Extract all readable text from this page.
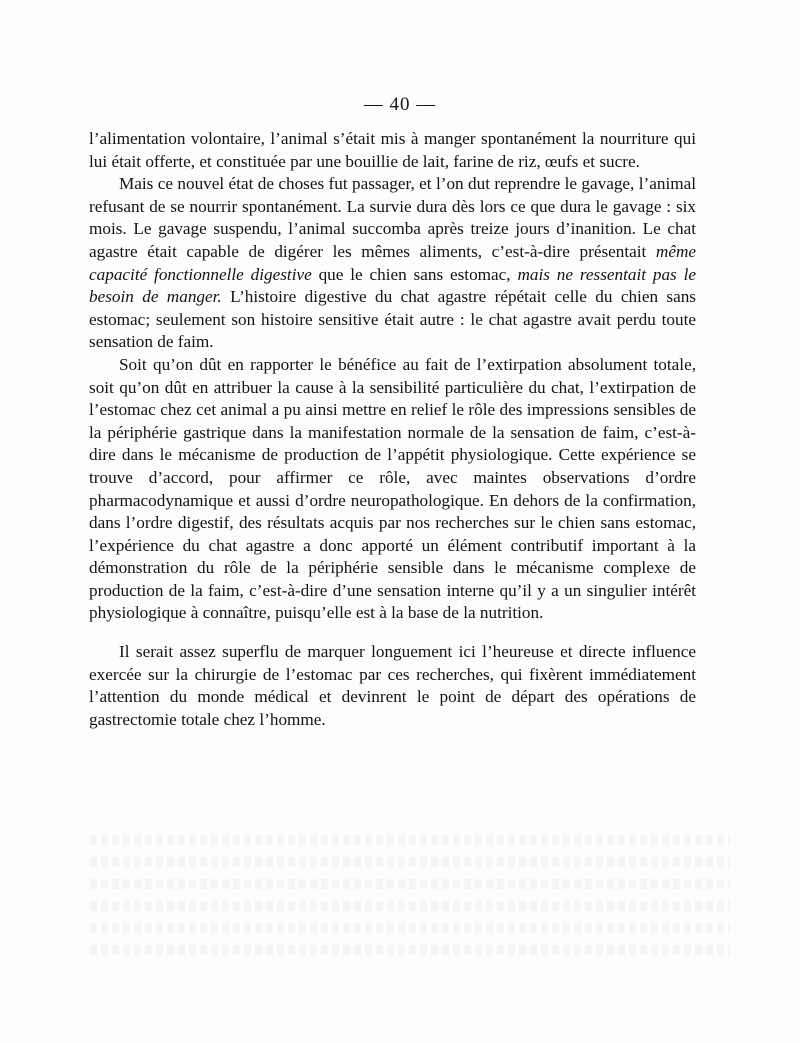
— 40 —

l’alimentation volontaire, l’animal s’était mis à manger spontanément la nourriture qui lui était offerte, et constituée par une bouillie de lait, farine de riz, œufs et sucre.

Mais ce nouvel état de choses fut passager, et l’on dut reprendre le gavage, l’animal refusant de se nourrir spontanément. La survie dura dès lors ce que dura le gavage : six mois. Le gavage suspendu, l’animal succomba après treize jours d’inanition. Le chat agastre était capable de digérer les mêmes aliments, c’est-à-dire présentait même capacité fonctionnelle digestive que le chien sans estomac, mais ne ressentait pas le besoin de manger. L’histoire digestive du chat agastre répétait celle du chien sans estomac; seulement son histoire sensitive était autre : le chat agastre avait perdu toute sensation de faim.

Soit qu’on dût en rapporter le bénéfice au fait de l’extirpation absolument totale, soit qu’on dût en attribuer la cause à la sensibilité particulière du chat, l’extirpation de l’estomac chez cet animal a pu ainsi mettre en relief le rôle des impressions sensibles de la périphérie gastrique dans la manifestation normale de la sensation de faim, c’est-à-dire dans le mécanisme de production de l’appétit physiologique. Cette expérience se trouve d’accord, pour affirmer ce rôle, avec maintes observations d’ordre pharmacodynamique et aussi d’ordre neuropathologique. En dehors de la confirmation, dans l’ordre digestif, des résultats acquis par nos recherches sur le chien sans estomac, l’expérience du chat agastre a donc apporté un élément contributif important à la démonstration du rôle de la périphérie sensible dans le mécanisme complexe de production de la faim, c’est-à-dire d’une sensation interne qu’il y a un singulier intérêt physiologique à connaître, puisqu’elle est à la base de la nutrition.

Il serait assez superflu de marquer longuement ici l’heureuse et directe influence exercée sur la chirurgie de l’estomac par ces recherches, qui fixèrent immédiatement l’attention du monde médical et devinrent le point de départ des opérations de gastrectomie totale chez l’homme.
